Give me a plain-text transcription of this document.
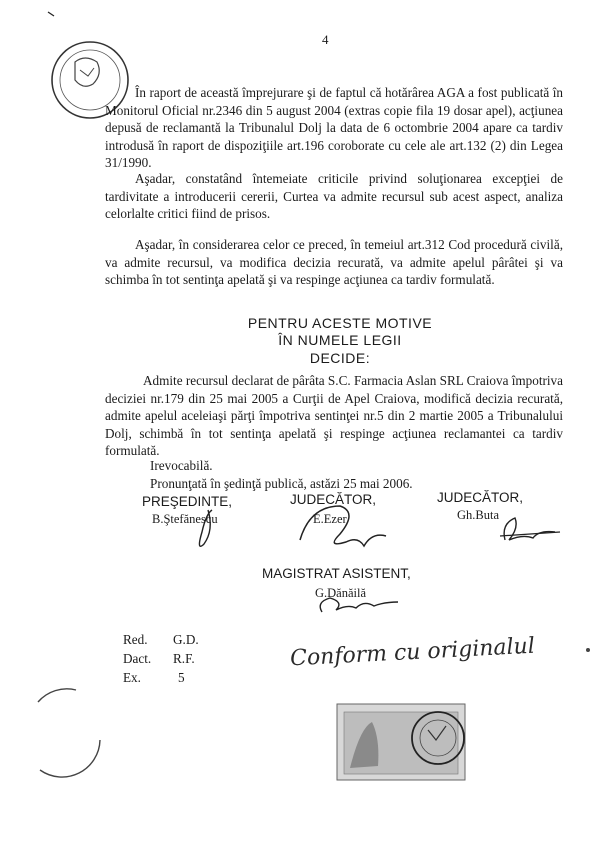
4
În raport de această împrejurare şi de faptul că hotărârea AGA a fost publicată în Monitorul Oficial nr.2346 din 5 august 2004 (extras copie fila 19 dosar apel), acţiunea depusă de reclamantă la Tribunalul Dolj la data de 6 octombrie 2004 apare ca tardiv introdusă în raport de dispoziţiile art.196 coroborate cu cele ale art.132 (2) din Legea 31/1990.
Aşadar, constatând întemeiate criticile privind soluţionarea excepţiei de tardivitate a introducerii cererii, Curtea va admite recursul sub acest aspect, analiza celorlalte critici fiind de prisos.
Aşadar, în considerarea celor ce preced, în temeiul art.312 Cod procedură civilă, va admite recursul, va modifica decizia recurată, va admite apelul pârâtei şi va schimba în tot sentinţa apelată şi va respinge acţiunea ca tardiv formulată.
PENTRU ACESTE MOTIVE
ÎN NUMELE LEGII
DECIDE:
Admite recursul declarat de pârâta S.C. Farmacia Aslan SRL Craiova împotriva deciziei nr.179 din 25 mai 2005 a Curţii de Apel Craiova, modifică decizia recurată, admite apelul aceleiaşi părţi împotriva sentinţei nr.5 din 2 martie 2005 a Tribunalului Dolj, schimbă în tot sentinţa apelată şi respinge acţiunea reclamantei ca tardiv formulată.
Irevocabilă.
Pronunţată în şedinţă publică, astăzi 25 mai 2006.
PREŞEDINTE,	JUDECĂTOR,	JUDECĂTOR,
B.Ştefănescu	E.Ezer	Gh.Buta
MAGISTRAT ASISTENT,
G.Dănăilă
Red. G.D.
Dact. R.F.
Ex.	5
Conform cu originalul
